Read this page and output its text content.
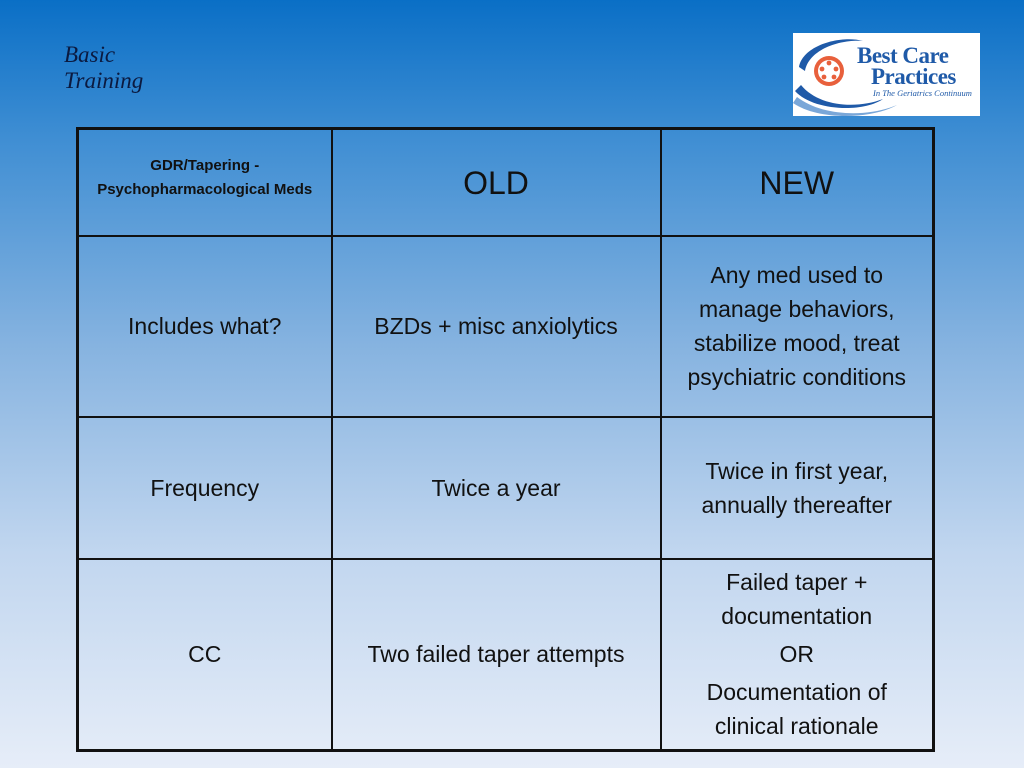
Basic
Training
Best Care
Practices
In The Geriatrics Continuum
GDR/Tapering - Psychopharmacological Meds	OLD	NEW
Includes what?	BZDs + misc anxiolytics	Any med used to manage behaviors, stabilize mood, treat psychiatric conditions
Frequency	Twice a year	Twice in first year, annually thereafter
CC	Two failed taper attempts	Failed taper + documentation
OR
Documentation of clinical rationale
